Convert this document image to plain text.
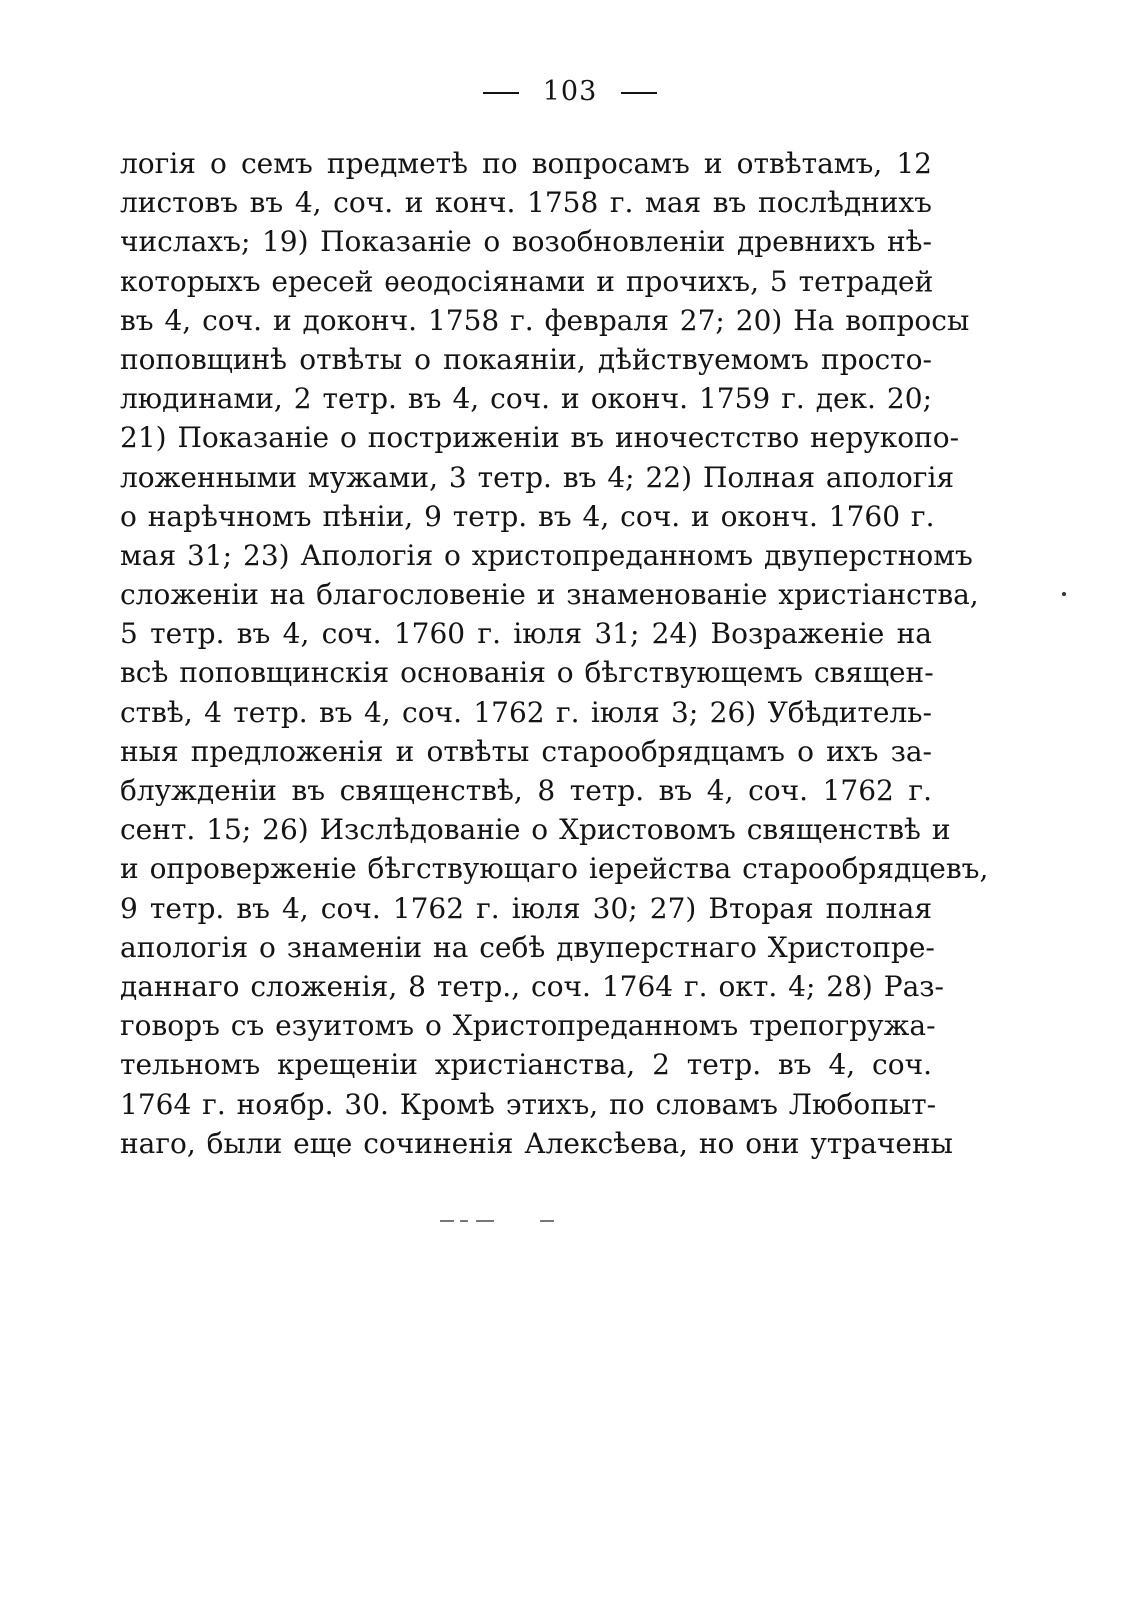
103
логія о семъ предметѣ по вопросамъ и отвѣтамъ, 12
листовъ въ 4, соч. и конч. 1758 г. мая въ послѣднихъ
числахъ; 19) Показаніе о возобновленіи древнихъ нѣ-
которыхъ ересей ѳеодосіянами и прочихъ, 5 тетрадей
въ 4, соч. и доконч. 1758 г. февраля 27; 20) На вопросы
поповщинѣ отвѣты о покаяніи, дѣйствуемомъ просто-
людинами, 2 тетр. въ 4, соч. и оконч. 1759 г. дек. 20;
21) Показаніе о постриженіи въ иночестство нерукопо-
ложенными мужами, 3 тетр. въ 4; 22) Полная апологія
о нарѣчномъ пѣніи, 9 тетр. въ 4, соч. и оконч. 1760 г.
мая 31; 23) Апологія о христопреданномъ двуперстномъ
сложеніи на благословеніе и знаменованіе христіанства,
5 тетр. въ 4, соч. 1760 г. іюля 31; 24) Возраженіе на
всѣ поповщинскія основанія о бѣгствующемъ священ-
ствѣ, 4 тетр. въ 4, соч. 1762 г. іюля 3; 26) Убѣдитель-
ныя предложенія и отвѣты старообрядцамъ о ихъ за-
блужденіи въ священствѣ, 8 тетр. въ 4, соч. 1762 г.
сент. 15; 26) Изслѣдованіе о Христовомъ священствѣ и
и опроверженіе бѣгствующаго іерейства старообрядцевъ,
9 тетр. въ 4, соч. 1762 г. іюля 30; 27) Вторая полная
апологія о знаменіи на себѣ двуперстнаго Христопре-
даннаго сложенія, 8 тетр., соч. 1764 г. окт. 4; 28) Раз-
говоръ съ езуитомъ о Христопреданномъ трепогружа-
тельномъ крещеніи христіанства, 2 тетр. въ 4, соч.
1764 г. ноябр. 30. Кромѣ этихъ, по словамъ Любопыт-
наго, были еще сочиненія Алексѣева, но они утрачены
